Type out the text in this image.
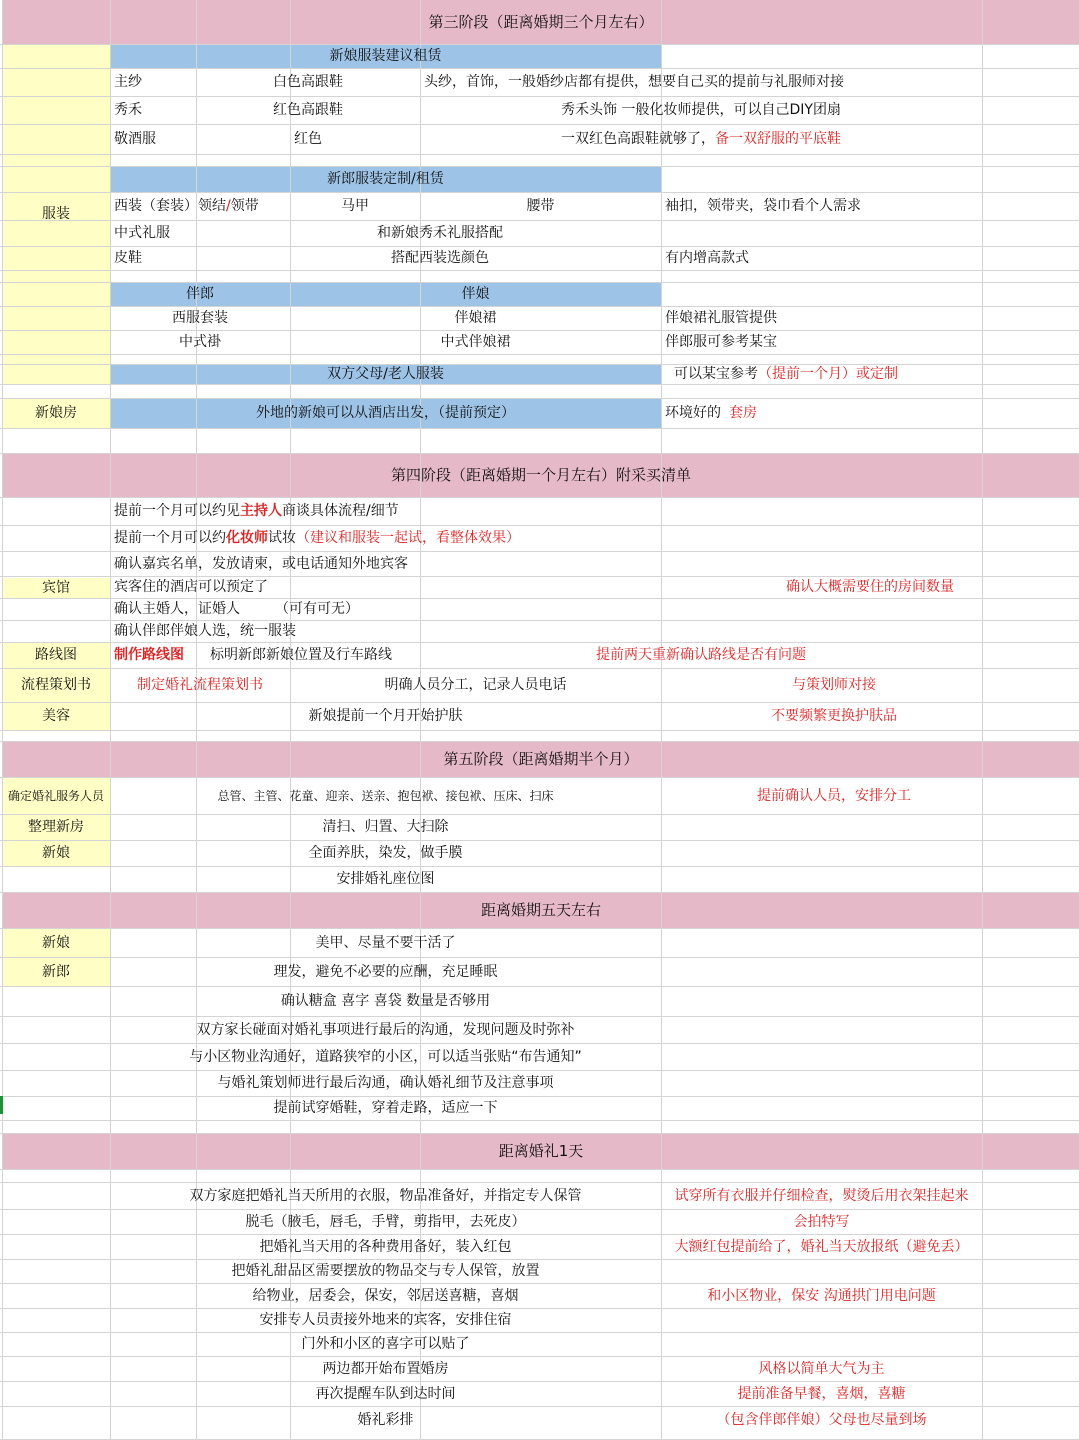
第三阶段（距离婚期三个月左右）
服装
新娘服装建议租赁
主纱	白色高跟鞋	头纱，首饰，一般婚纱店都有提供，想要自己买的提前与礼服师对接
秀禾	红色高跟鞋	秀禾头饰 一般化妆师提供，可以自己DIY团扇
敬酒服	红色	一双红色高跟鞋就够了， 备一双舒服的平底鞋
新郎服装定制/租赁
西装（套装）领结 / 领带	马甲	腰带	袖扣，领带夹，袋巾看个人需求
中式礼服	和新娘秀禾礼服搭配
皮鞋	搭配西装选颜色	有内增高款式
伴郎	伴娘
西服套装	伴娘裙	伴娘裙礼服管提供
中式褂	中式伴娘裙	伴郎服可参考某宝
双方父母/老人服装	可以某宝参考 （提前一个月）或定制
新娘房	外地的新娘可以从酒店出发，（提前预定）	环境好的 套房
第四阶段（距离婚期一个月左右）附采买清单
提前一个月可以约见 主持人 商谈具体流程/细节
提前一个月可以约 化妆师 试妆 （建议和服装一起试，看整体效果）
确认嘉宾名单，发放请柬，或电话通知外地宾客
宾馆	宾客住的酒店可以预定了	确认大概需要住的房间数量
确认主婚人，证婚人　　　（可有可无）
确认伴郎伴娘人选，统一服装
路线图	制作路线图	标明新郎新娘位置及行车路线	提前两天重新确认路线是否有问题
流程策划书	制定婚礼流程策划书	明确人员分工，记录人员电话	与策划师对接
美容	新娘提前一个月开始护肤	不要频繁更换护肤品
第五阶段（距离婚期半个月）
确定婚礼服务人员	总管、主管、花童、迎亲、送亲、抱包袱、接包袱、压床、扫床	提前确认人员，安排分工
整理新房	清扫、归置、大扫除
新娘	全面养肤，染发，做手膜
安排婚礼座位图
距离婚期五天左右
新娘	美甲、尽量不要干活了
新郎	理发，避免不必要的应酬，充足睡眠
确认糖盒 喜字 喜袋 数量是否够用
双方家长碰面对婚礼事项进行最后的沟通，发现问题及时弥补
与小区物业沟通好，道路狭窄的小区，可以适当张贴“布告通知”
与婚礼策划师进行最后沟通，确认婚礼细节及注意事项
提前试穿婚鞋，穿着走路，适应一下
距离婚礼1天
双方家庭把婚礼当天所用的衣服，物品准备好，并指定专人保管	试穿所有衣服并仔细检查，熨烫后用衣架挂起来
脱毛（腋毛，唇毛，手臂，剪指甲，去死皮）	会拍特写
把婚礼当天用的各种费用备好，装入红包	大额红包提前给了，婚礼当天放报纸（避免丢）
把婚礼甜品区需要摆放的物品交与专人保管，放置
给物业，居委会，保安，邻居送喜糖，喜烟	和小区物业，保安 沟通拱门用电问题
安排专人员责接外地来的宾客，安排住宿
门外和小区的喜字可以贴了
两边都开始布置婚房	风格以简单大气为主
再次提醒车队到达时间	提前准备早餐，喜烟，喜糖
婚礼彩排	（包含伴郎伴娘）父母也尽量到场
